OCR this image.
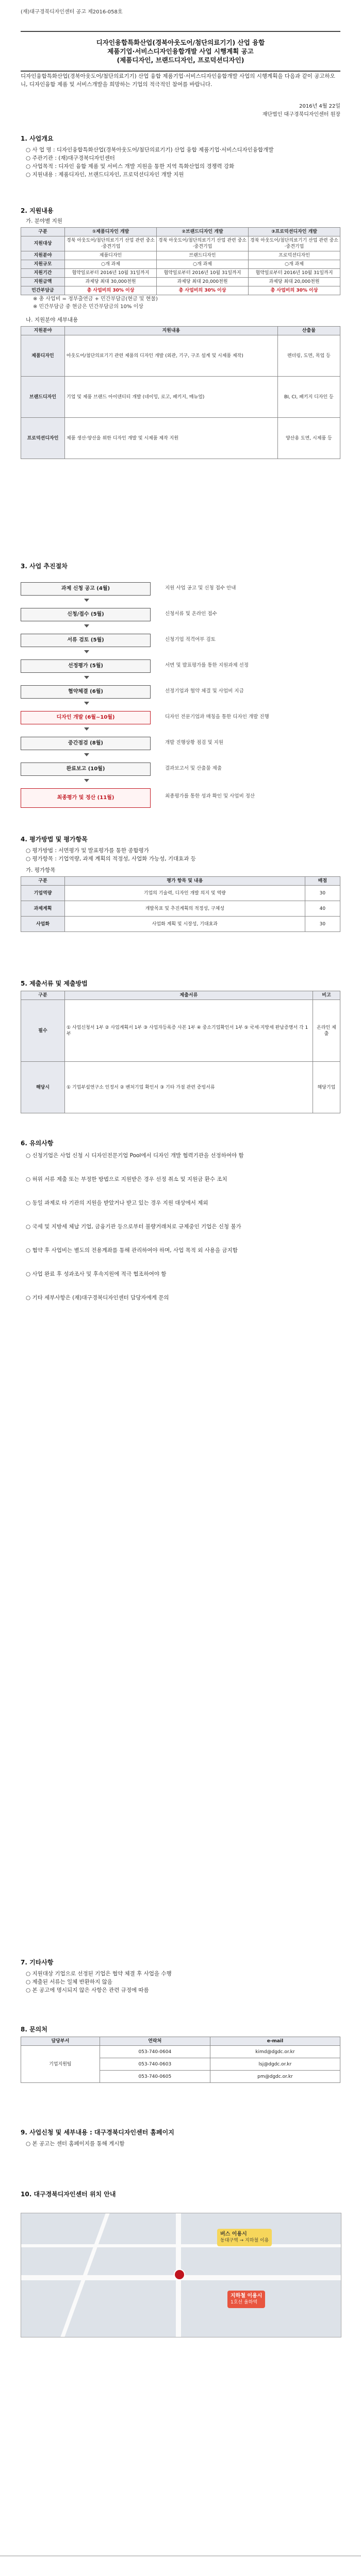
(재)대구경북디자인센터 공고 제2016-058호
디자인융합특화산업(경북아웃도어/첨단의료기기) 산업 융합
제품기업·서비스디자인융합개발 사업 시행계획 공고
(제품디자인, 브랜드디자인, 프로덕션디자인)
디자인융합특화산업(경북아웃도어/첨단의료기기) 산업 융합 제품기업·서비스디자인융합개발 사업의 시행계획을 다음과 같이 공고하오니, 디자인융합 제품 및 서비스개발을 희망하는 기업의 적극적인 참여를 바랍니다.
2016년 4월 22일
재단법인 대구경북디자인센터 원장
1. 사업개요
○ 사 업 명 : 디자인융합특화산업(경북아웃도어/첨단의료기기) 산업 융합 제품기업·서비스디자인융합개발
○ 주관기관 : (재)대구경북디자인센터
○ 사업목적 : 디자인 융합 제품 및 서비스 개발 지원을 통한 지역 특화산업의 경쟁력 강화
○ 지원내용 : 제품디자인, 브랜드디자인, 프로덕션디자인 개발 지원
2. 지원내용
가. 분야별 지원
구분	①제품디자인 개발	②브랜드디자인 개발	③프로덕션디자인 개발
지원대상	경북 아웃도어/첨단의료기기 산업 관련 중소·중견기업	경북 아웃도어/첨단의료기기 산업 관련 중소·중견기업	경북 아웃도어/첨단의료기기 산업 관련 중소·중견기업
지원분야	제품디자인	브랜드디자인	프로덕션디자인
지원규모	○개 과제	○개 과제	○개 과제
지원기간	협약일로부터 2016년 10월 31일까지	협약일로부터 2016년 10월 31일까지	협약일로부터 2016년 10월 31일까지
지원금액	과제당 최대 30,000천원	과제당 최대 20,000천원	과제당 최대 20,000천원
민간부담금	총 사업비의 30% 이상	총 사업비의 30% 이상	총 사업비의 30% 이상
※ 총 사업비 = 정부출연금 + 민간부담금(현금 및 현물)
※ 민간부담금 중 현금은 민간부담금의 10% 이상
나. 지원분야 세부내용
지원분야	지원내용	산출물
제품디자인	아웃도어/첨단의료기기 관련 제품의 디자인 개발 (외관, 기구, 구조 설계 및 시제품 제작)	렌더링, 도면, 목업 등
브랜드디자인	기업 및 제품 브랜드 아이덴티티 개발 (네이밍, 로고, 패키지, 매뉴얼)	BI, CI, 패키지 디자인 등
프로덕션디자인	제품 생산·양산을 위한 디자인 개발 및 시제품 제작 지원	양산용 도면, 시제품 등
3. 사업 추진절차
과제 신청 공고 (4월)	지원 사업 공고 및 신청 접수 안내
신청/접수 (5월)	신청서류 및 온라인 접수
서류 검토 (5월)	신청기업 적격여부 검토
선정평가 (5월)	서면 및 발표평가를 통한 지원과제 선정
협약체결 (6월)	선정기업과 협약 체결 및 사업비 지급
디자인 개발 (6월~10월)	디자인 전문기업과 매칭을 통한 디자인 개발 진행
중간점검 (8월)	개발 진행상황 점검 및 지원
완료보고 (10월)	결과보고서 및 산출물 제출
최종평가 및 정산 (11월)	최종평가를 통한 성과 확인 및 사업비 정산
4. 평가방법 및 평가항목
○ 평가방법 : 서면평가 및 발표평가를 통한 종합평가
○ 평가항목 : 기업역량, 과제 계획의 적정성, 사업화 가능성, 기대효과 등
가. 평가항목
구분	평가 항목 및 내용	배점
기업역량	기업의 기술력, 디자인 개발 의지 및 역량	30
과제계획	개발목표 및 추진계획의 적정성, 구체성	40
사업화	사업화 계획 및 시장성, 기대효과	30
5. 제출서류 및 제출방법
구분	제출서류	비고
필수	① 사업신청서 1부 ② 사업계획서 1부 ③ 사업자등록증 사본 1부 ④ 중소기업확인서 1부 ⑤ 국세·지방세 완납증명서 각 1부	온라인 제출
해당시	① 기업부설연구소 인정서 ② 벤처기업 확인서 ③ 기타 가점 관련 증빙서류	해당기업
6. 유의사항
○ 신청기업은 사업 신청 시 디자인전문기업 Pool에서 디자인 개발 협력기관을 선정하여야 함
○ 허위 서류 제출 또는 부정한 방법으로 지원받은 경우 선정 취소 및 지원금 환수 조치
○ 동일 과제로 타 기관의 지원을 받았거나 받고 있는 경우 지원 대상에서 제외
○ 국세 및 지방세 체납 기업, 금융기관 등으로부터 불량거래처로 규제중인 기업은 신청 불가
○ 협약 후 사업비는 별도의 전용계좌를 통해 관리하여야 하며, 사업 목적 외 사용을 금지함
○ 사업 완료 후 성과조사 및 후속지원에 적극 협조하여야 함
○ 기타 세부사항은 (재)대구경북디자인센터 담당자에게 문의
7. 기타사항
○ 지원대상 기업으로 선정된 기업은 협약 체결 후 사업을 수행
○ 제출된 서류는 일체 반환하지 않음
○ 본 공고에 명시되지 않은 사항은 관련 규정에 따름
8. 문의처
담당부서	연락처	e-mail
기업지원팀	053-740-0604	kimd@dgdc.or.kr
	053-740-0603	lsj@dgdc.or.kr
	053-740-0605	pm@dgdc.or.kr
9. 사업신청 및 세부내용 : 대구경북디자인센터 홈페이지
○ 본 공고는 센터 홈페이지를 통해 게시함
10. 대구경북디자인센터 위치 안내
버스 이용시
동대구역 → 지하철 이용
지하철 이용시
1호선 율하역
